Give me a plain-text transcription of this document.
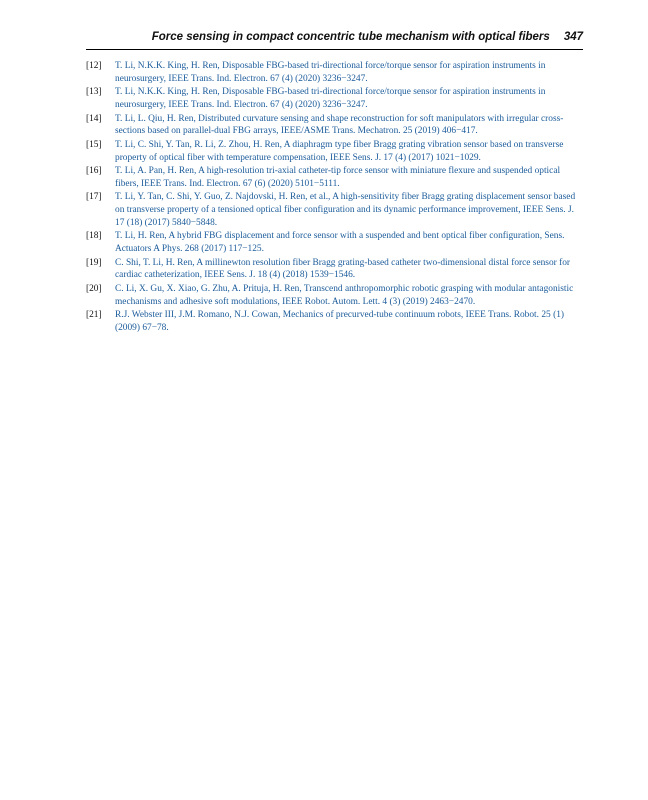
Force sensing in compact concentric tube mechanism with optical fibers 347
[12]	T. Li, N.K.K. King, H. Ren, Disposable FBG-based tri-directional force/torque sensor for aspiration instruments in neurosurgery, IEEE Trans. Ind. Electron. 67 (4) (2020) 3236−3247.
[13]	T. Li, N.K.K. King, H. Ren, Disposable FBG-based tri-directional force/torque sensor for aspiration instruments in neurosurgery, IEEE Trans. Ind. Electron. 67 (4) (2020) 3236−3247.
[14]	T. Li, L. Qiu, H. Ren, Distributed curvature sensing and shape reconstruction for soft manipulators with irregular cross-sections based on parallel-dual FBG arrays, IEEE/ASME Trans. Mechatron. 25 (2019) 406−417.
[15]	T. Li, C. Shi, Y. Tan, R. Li, Z. Zhou, H. Ren, A diaphragm type fiber Bragg grating vibration sensor based on transverse property of optical fiber with temperature compensation, IEEE Sens. J. 17 (4) (2017) 1021−1029.
[16]	T. Li, A. Pan, H. Ren, A high-resolution tri-axial catheter-tip force sensor with miniature flexure and suspended optical fibers, IEEE Trans. Ind. Electron. 67 (6) (2020) 5101−5111.
[17]	T. Li, Y. Tan, C. Shi, Y. Guo, Z. Najdovski, H. Ren, et al., A high-sensitivity fiber Bragg grating displacement sensor based on transverse property of a tensioned optical fiber configuration and its dynamic performance improvement, IEEE Sens. J. 17 (18) (2017) 5840−5848.
[18]	T. Li, H. Ren, A hybrid FBG displacement and force sensor with a suspended and bent optical fiber configuration, Sens. Actuators A Phys. 268 (2017) 117−125.
[19]	C. Shi, T. Li, H. Ren, A millinewton resolution fiber Bragg grating-based catheter two-dimensional distal force sensor for cardiac catheterization, IEEE Sens. J. 18 (4) (2018) 1539−1546.
[20]	C. Li, X. Gu, X. Xiao, G. Zhu, A. Prituja, H. Ren, Transcend anthropomorphic robotic grasping with modular antagonistic mechanisms and adhesive soft modulations, IEEE Robot. Autom. Lett. 4 (3) (2019) 2463−2470.
[21]	R.J. Webster III, J.M. Romano, N.J. Cowan, Mechanics of precurved-tube continuum robots, IEEE Trans. Robot. 25 (1) (2009) 67−78.
